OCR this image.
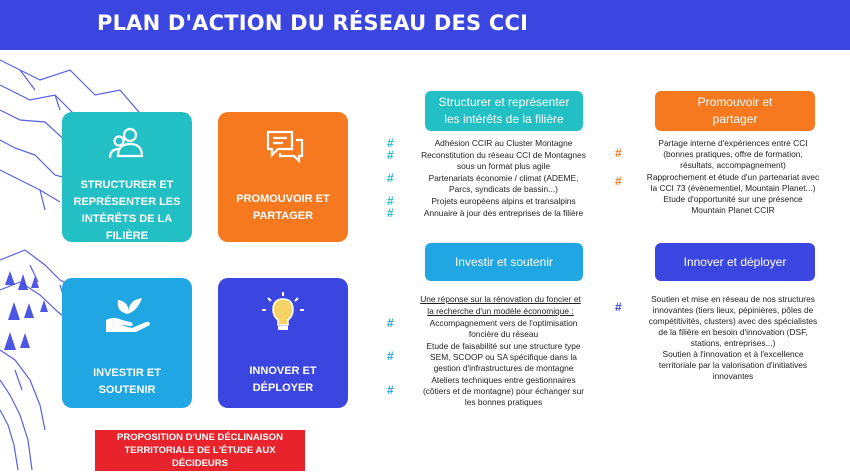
PLAN D'ACTION DU RÉSEAU DES CCI
STRUCTURER ET
REPRÉSENTER LES
INTÉRÊTS DE LA
FILIÈRE
PROMOUVOIR ET
PARTAGER
INVESTIR ET
SOUTENIR
INNOVER ET
DÉPLOYER
PROPOSITION D'UNE DÉCLINAISON
TERRITORIALE DE L'ÉTUDE AUX DÉCIDEURS
Structurer et représenter
les intérêts de la filière
#	Adhésion CCIR au Cluster Montagne
#	Reconstitution du réseau CCI de Montagnes
sous un format plus agile
#	Partenariats économie / climat (ADEME,
Parcs, syndicats de bassin...)
#	Projets européens alpins et transalpins
#	Annuaire à jour des entreprises de la filière
Promouvoir et
partager
#
Partage interne d'expériences entre CCI
(bonnes pratiques, offre de formation,
résultats, accompagnement)
#	Rapprochement et étude d'un partenariat avec
la CCI 73 (évènementiel, Mountain Planet...)
Etude d'opportunité sur une présence
Mountain Planet CCIR
Investir et soutenir
Une réponse sur la rénovation du foncier et
la recherche d'un modèle économique :
#	Accompagnement vers de l'optimisation
foncière du réseau
#
Etude de faisabilité sur une structure type
SEM, SCOOP ou SA spécifique dans la
gestion d'infrastructures de montagne
#
Ateliers techniques entre gestionnaires
(côtiers et de montagne) pour échanger sur
les bonnes pratiques
Innover et déployer
#
Soutien et mise en réseau de nos structures
innovantes (tiers lieux, pépinières, pôles de
compétitivités, clusters) avec des spécialistes
de la filière en besoin d'innovation (DSF,
stations, entreprises...)
Soutien à l'innovation et à l'excellence
territoriale par la valorisation d'initiatives
innovantes
